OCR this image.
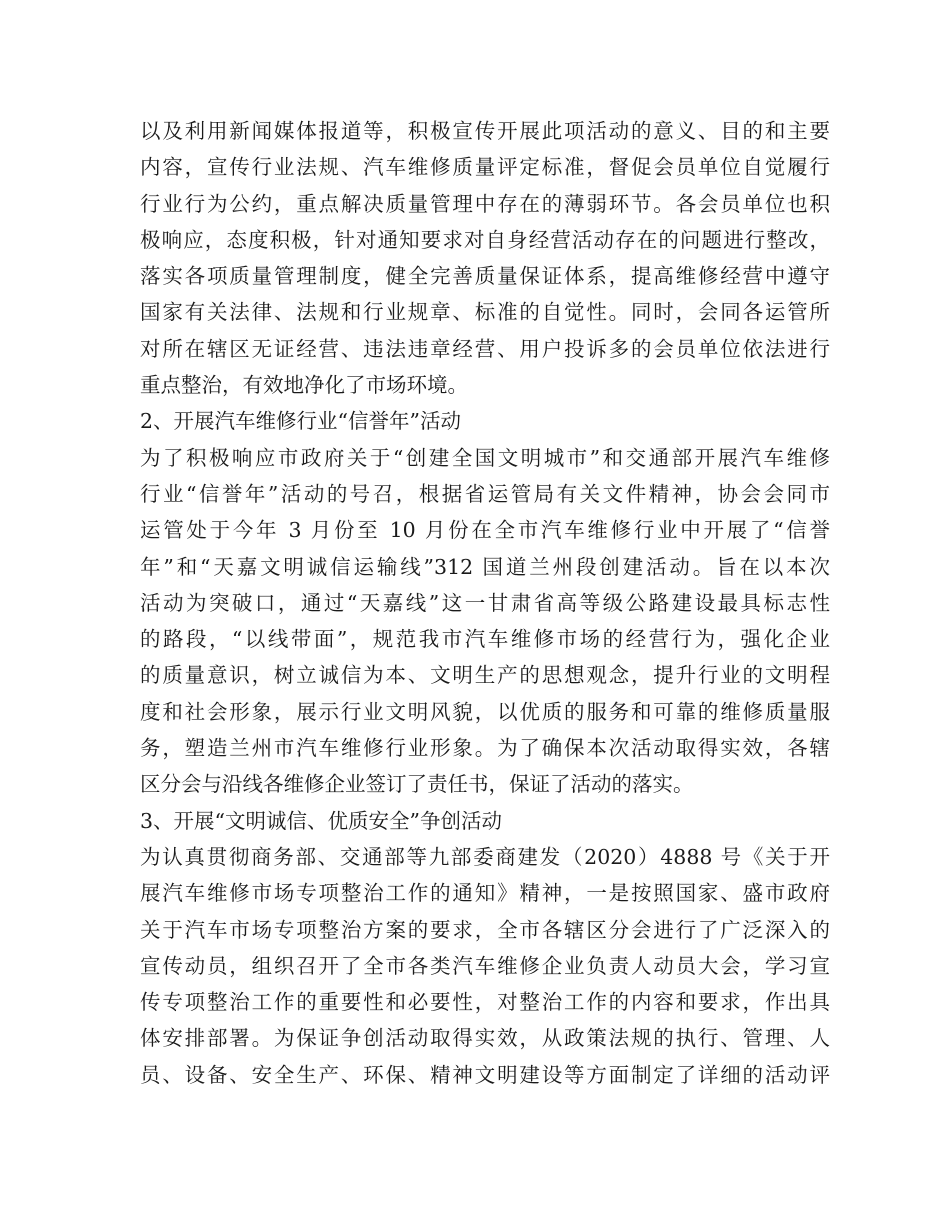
以及利用新闻媒体报道等，积极宣传开展此项活动的意义、目的和主要
内容，宣传行业法规、汽车维修质量评定标准，督促会员单位自觉履行
行业行为公约，重点解决质量管理中存在的薄弱环节。各会员单位也积
极响应，态度积极，针对通知要求对自身经营活动存在的问题进行整改，
落实各项质量管理制度，健全完善质量保证体系，提高维修经营中遵守
国家有关法律、法规和行业规章、标准的自觉性。同时，会同各运管所
对所在辖区无证经营、违法违章经营、用户投诉多的会员单位依法进行
重点整治，有效地净化了市场环境。
2、开展汽车维修行业“信誉年”活动
为了积极响应市政府关于“创建全国文明城市”和交通部开展汽车维修
行业“信誉年”活动的号召，根据省运管局有关文件精神，协会会同市
运管处于今年 3 月份至 10 月份在全市汽车维修行业中开展了“信誉
年”和“天嘉文明诚信运输线”312 国道兰州段创建活动。旨在以本次
活动为突破口，通过“天嘉线”这一甘肃省高等级公路建设最具标志性
的路段，“以线带面”，规范我市汽车维修市场的经营行为，强化企业
的质量意识，树立诚信为本、文明生产的思想观念，提升行业的文明程
度和社会形象，展示行业文明风貌，以优质的服务和可靠的维修质量服
务，塑造兰州市汽车维修行业形象。为了确保本次活动取得实效，各辖
区分会与沿线各维修企业签订了责任书，保证了活动的落实。
3、开展“文明诚信、优质安全”争创活动
为认真贯彻商务部、交通部等九部委商建发（2020）4888 号《关于开
展汽车维修市场专项整治工作的通知》精神，一是按照国家、盛市政府
关于汽车市场专项整治方案的要求，全市各辖区分会进行了广泛深入的
宣传动员，组织召开了全市各类汽车维修企业负责人动员大会，学习宣
传专项整治工作的重要性和必要性，对整治工作的内容和要求，作出具
体安排部署。为保证争创活动取得实效，从政策法规的执行、管理、人
员、设备、安全生产、环保、精神文明建设等方面制定了详细的活动评
